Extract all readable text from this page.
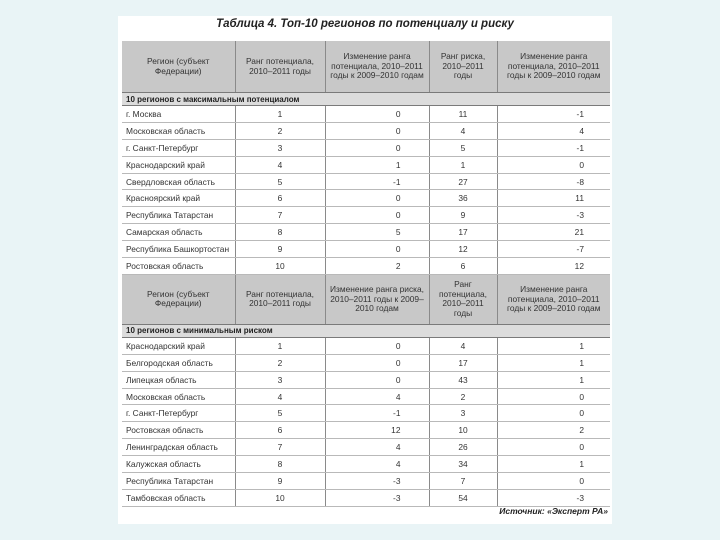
Таблица 4. Топ-10 регионов по потенциалу и риску
Регион (субъект Федерации)	Ранг потенциала, 2010–2011 годы	Изменение ранга потенциала, 2010–2011 годы к 2009–2010 годам	Ранг риска, 2010–2011 годы	Изменение ранга потенциала, 2010–2011 годы к 2009–2010 годам
10 регионов с максимальным потенциалом				
г. Москва	1	0	11	-1
Московская область	2	0	4	4
г. Санкт-Петербург	3	0	5	-1
Краснодарский край	4	1	1	0
Свердловская область	5	-1	27	-8
Красноярский край	6	0	36	11
Республика Татарстан	7	0	9	-3
Самарская область	8	5	17	21
Республика Башкортостан	9	0	12	-7
Ростовская область	10	2	6	12
Регион (субъект Федерации)	Ранг потенциала, 2010–2011 годы	Изменение ранга риска, 2010–2011 годы к 2009–2010 годам	Ранг потенциала, 2010–2011 годы	Изменение ранга потенциала, 2010–2011 годы к 2009–2010 годам
10 регионов с минимальным риском				
Краснодарский край	1	0	4	1
Белгородская область	2	0	17	1
Липецкая область	3	0	43	1
Московская область	4	4	2	0
г. Санкт-Петербург	5	-1	3	0
Ростовская область	6	12	10	2
Ленинградская область	7	4	26	0
Калужская область	8	4	34	1
Республика Татарстан	9	-3	7	0
Тамбовская область	10	-3	54	-3
Источник: «Эксперт РА»
